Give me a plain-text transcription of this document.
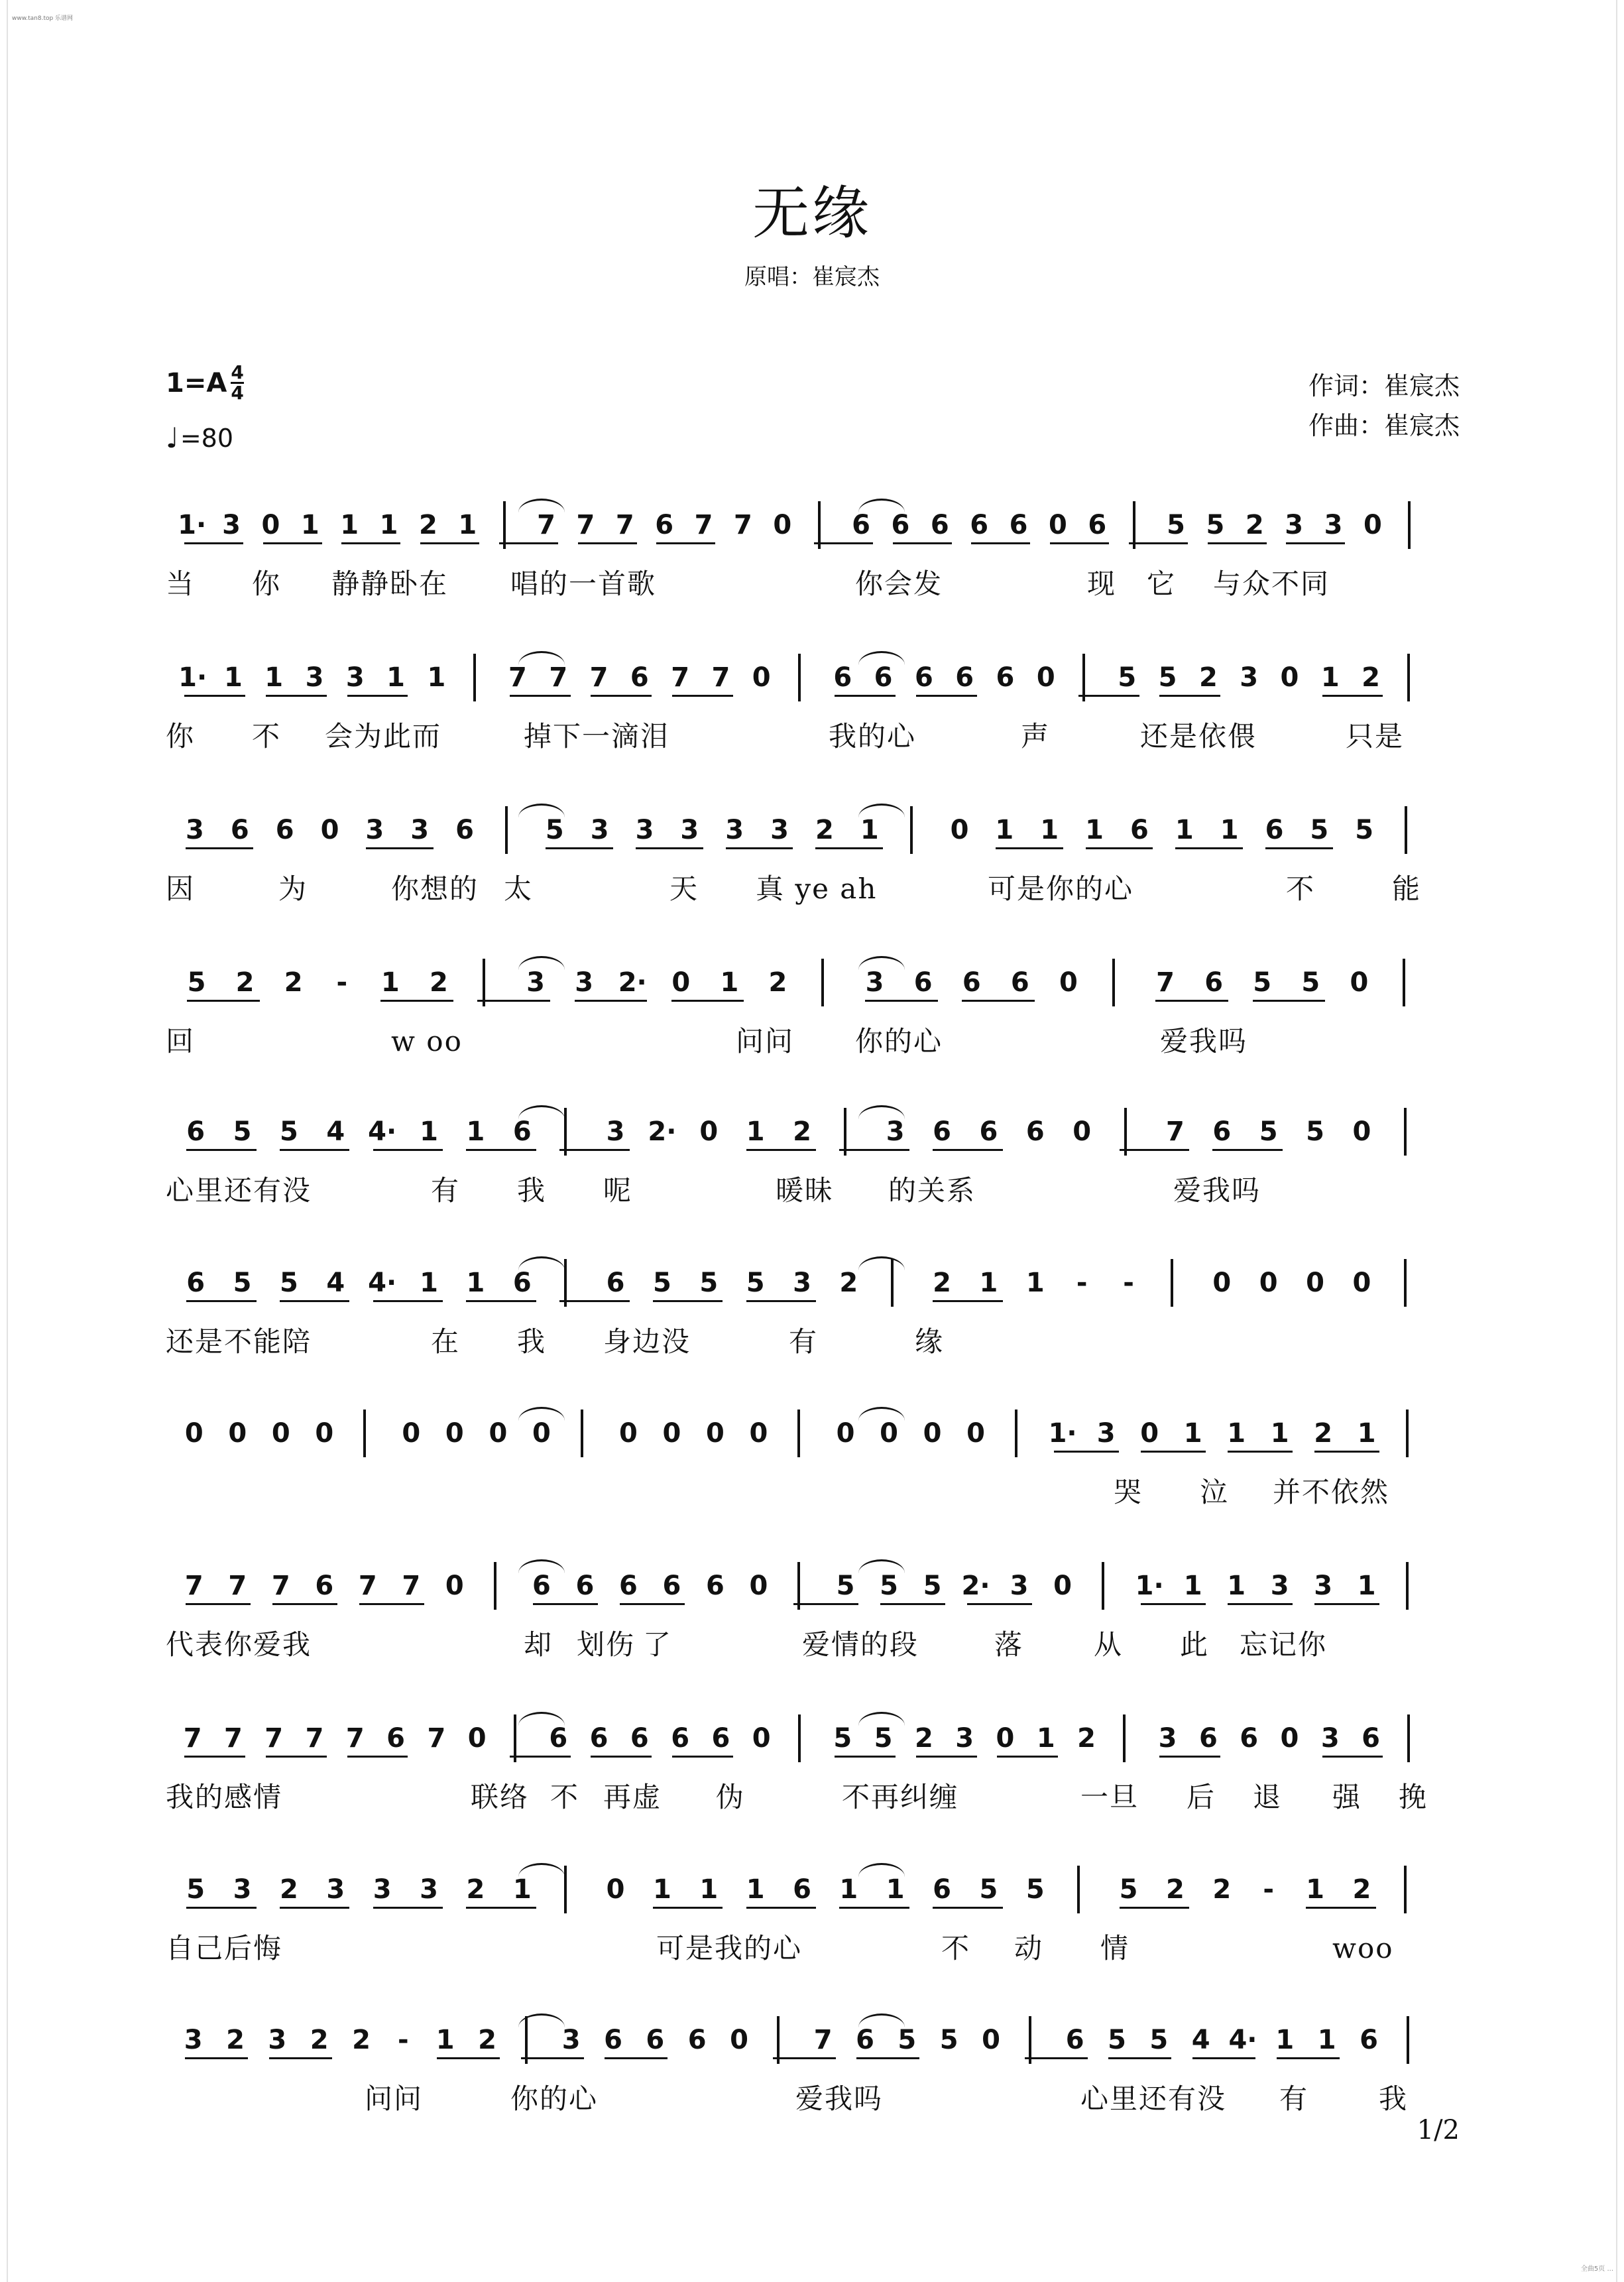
www.tan8.top 乐谱网
无缘
原唱：崔宸杰
$1=A \frac{4}{4}$
♩ =80
作词：崔宸杰
作曲：崔宸杰
1· 3 0 1 1 1 2 1	7 7 7 6 7 7 0	6 6 6 6 6 0 6	5 5 2 3 3 0
当 你 静静卧在 唱的一首歌	你会发	现 它 与众不同
1· 1 1 3 3 1 1	7 7 7 6 7 7 0	6 6 6 6 6 0	5 5 2 3 0 1 2
你 不 会为此而	掉下一滴泪	我的心	声	还是依偎	只是
3	6	6	0	3	3	6	5	3	3	3	3	3	2	1	0	1	1	1	6	1	1	6	5	5
因	为	你想的 太	天 真 ye ah	可是你的心	不	能
5	2	2	-	1	2	3	3 2· 0	1	2	3	6	6	6	0	7	6	5	5	0
回	w oo	问问 你的心	爱我吗
6	5	5	4 4· 1	1	6	3 2· 0	1	2	3	6	6	6	0	7	6	5	5	0
心里还有没	有 我 呢	暖昧 的关系	爱我吗
6	5	5	4 4· 1	1	6	6	5	5	5	3	2	2	1	1	-	-	0	0	0	0
还是不能陪	在 我 身边没	有	缘
0 0 0 0	0 0 0 0	0 0 0 0	0 0 0 0	1· 3 0 1 1 1 2 1
哭 泣 并不依然
7 7 7 6 7 7 0	6 6 6 6 6 0	5 5 5 2· 3 0	1· 1 1 3 3 1
代表你爱我	却 划伤 了	爱情的段	落	从 此 忘记你
7 7 7 7 7 6 7 0	6 6 6 6 6 0	5 5 2 3 0 1 2	3 6 6 0 3 6
我的感情	联络 不 再虚 伪	不再纠缠	一旦 后 退 强 挽
5	3	2	3	3	3	2	1	0	1	1	1	6	1	1	6	5	5	5	2	2	-	1	2
自己后悔	可是我的心	不 动 情	woo
3 2 3 2 2	-	1 2	3 6 6 6 0	7 6 5 5 0	6 5 5 4 4· 1 1 6
问问	你的心	爱我吗	心里还有没 有	我
1/2
全曲5页 ...
